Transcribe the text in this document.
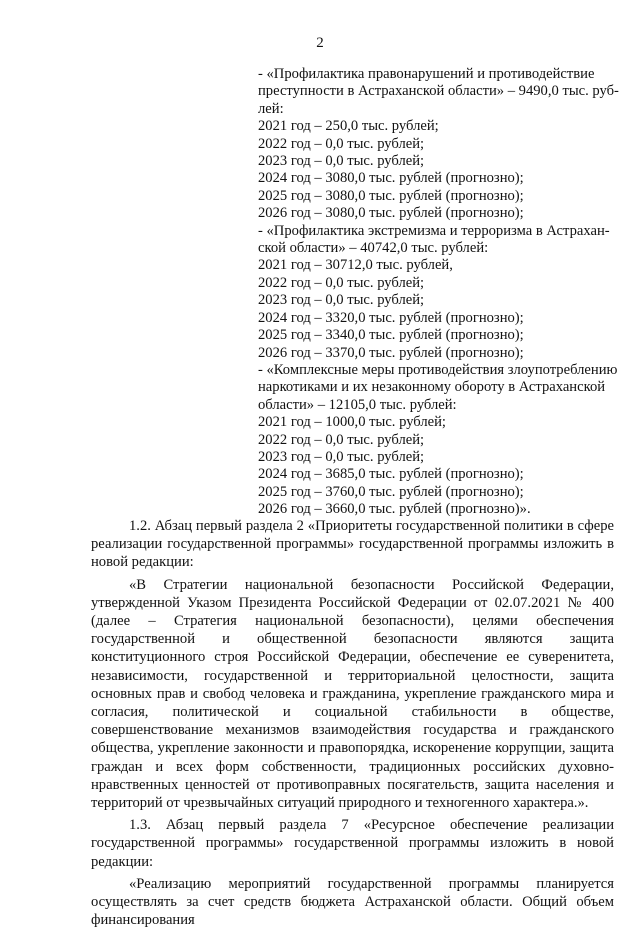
2
- «Профилактика правонарушений и противодействие
преступности в Астраханской области» – 9490,0 тыс. руб-
лей:
2021 год – 250,0 тыс. рублей;
2022 год – 0,0 тыс. рублей;
2023 год – 0,0 тыс. рублей;
2024 год – 3080,0 тыс. рублей (прогнозно);
2025 год – 3080,0 тыс. рублей (прогнозно);
2026 год – 3080,0 тыс. рублей (прогнозно);
- «Профилактика экстремизма и терроризма в Астрахан-
ской области» – 40742,0 тыс. рублей:
2021 год – 30712,0 тыс. рублей,
2022 год – 0,0 тыс. рублей;
2023 год – 0,0 тыс. рублей;
2024 год – 3320,0 тыс. рублей (прогнозно);
2025 год – 3340,0 тыс. рублей (прогнозно);
2026 год – 3370,0 тыс. рублей (прогнозно);
- «Комплексные меры противодействия злоупотреблению
наркотиками и их незаконному обороту в Астраханской
области» – 12105,0 тыс. рублей:
2021 год – 1000,0 тыс. рублей;
2022 год – 0,0 тыс. рублей;
2023 год – 0,0 тыс. рублей;
2024 год – 3685,0 тыс. рублей (прогнозно);
2025 год – 3760,0 тыс. рублей (прогнозно);
2026 год – 3660,0 тыс. рублей (прогнозно)».

1.2. Абзац первый раздела 2 «Приоритеты государственной политики в сфере реализации государственной программы» государственной программы изложить в новой редакции:

«В Стратегии национальной безопасности Российской Федерации, утвержденной Указом Президента Российской Федерации от 02.07.2021 № 400 (далее – Стратегия национальной безопасности), целями обеспечения государственной и общественной безопасности являются защита конституционного строя Российской Федерации, обеспечение ее суверенитета, независимости, государственной и территориальной целостности, защита основных прав и свобод человека и гражданина, укрепление гражданского мира и согласия, политической и социальной стабильности в обществе, совершенствование механизмов взаимодействия государства и гражданского общества, укрепление законности и правопорядка, искоренение коррупции, защита граждан и всех форм собственности, традиционных российских духовно-нравственных ценностей от противоправных посягательств, защита населения и территорий от чрезвычайных ситуаций природного и техногенного характера.».

1.3. Абзац первый раздела 7 «Ресурсное обеспечение реализации государственной программы» государственной программы изложить в новой редакции:

«Реализацию мероприятий государственной программы планируется осуществлять за счет средств бюджета Астраханской области. Общий объем финансирования
